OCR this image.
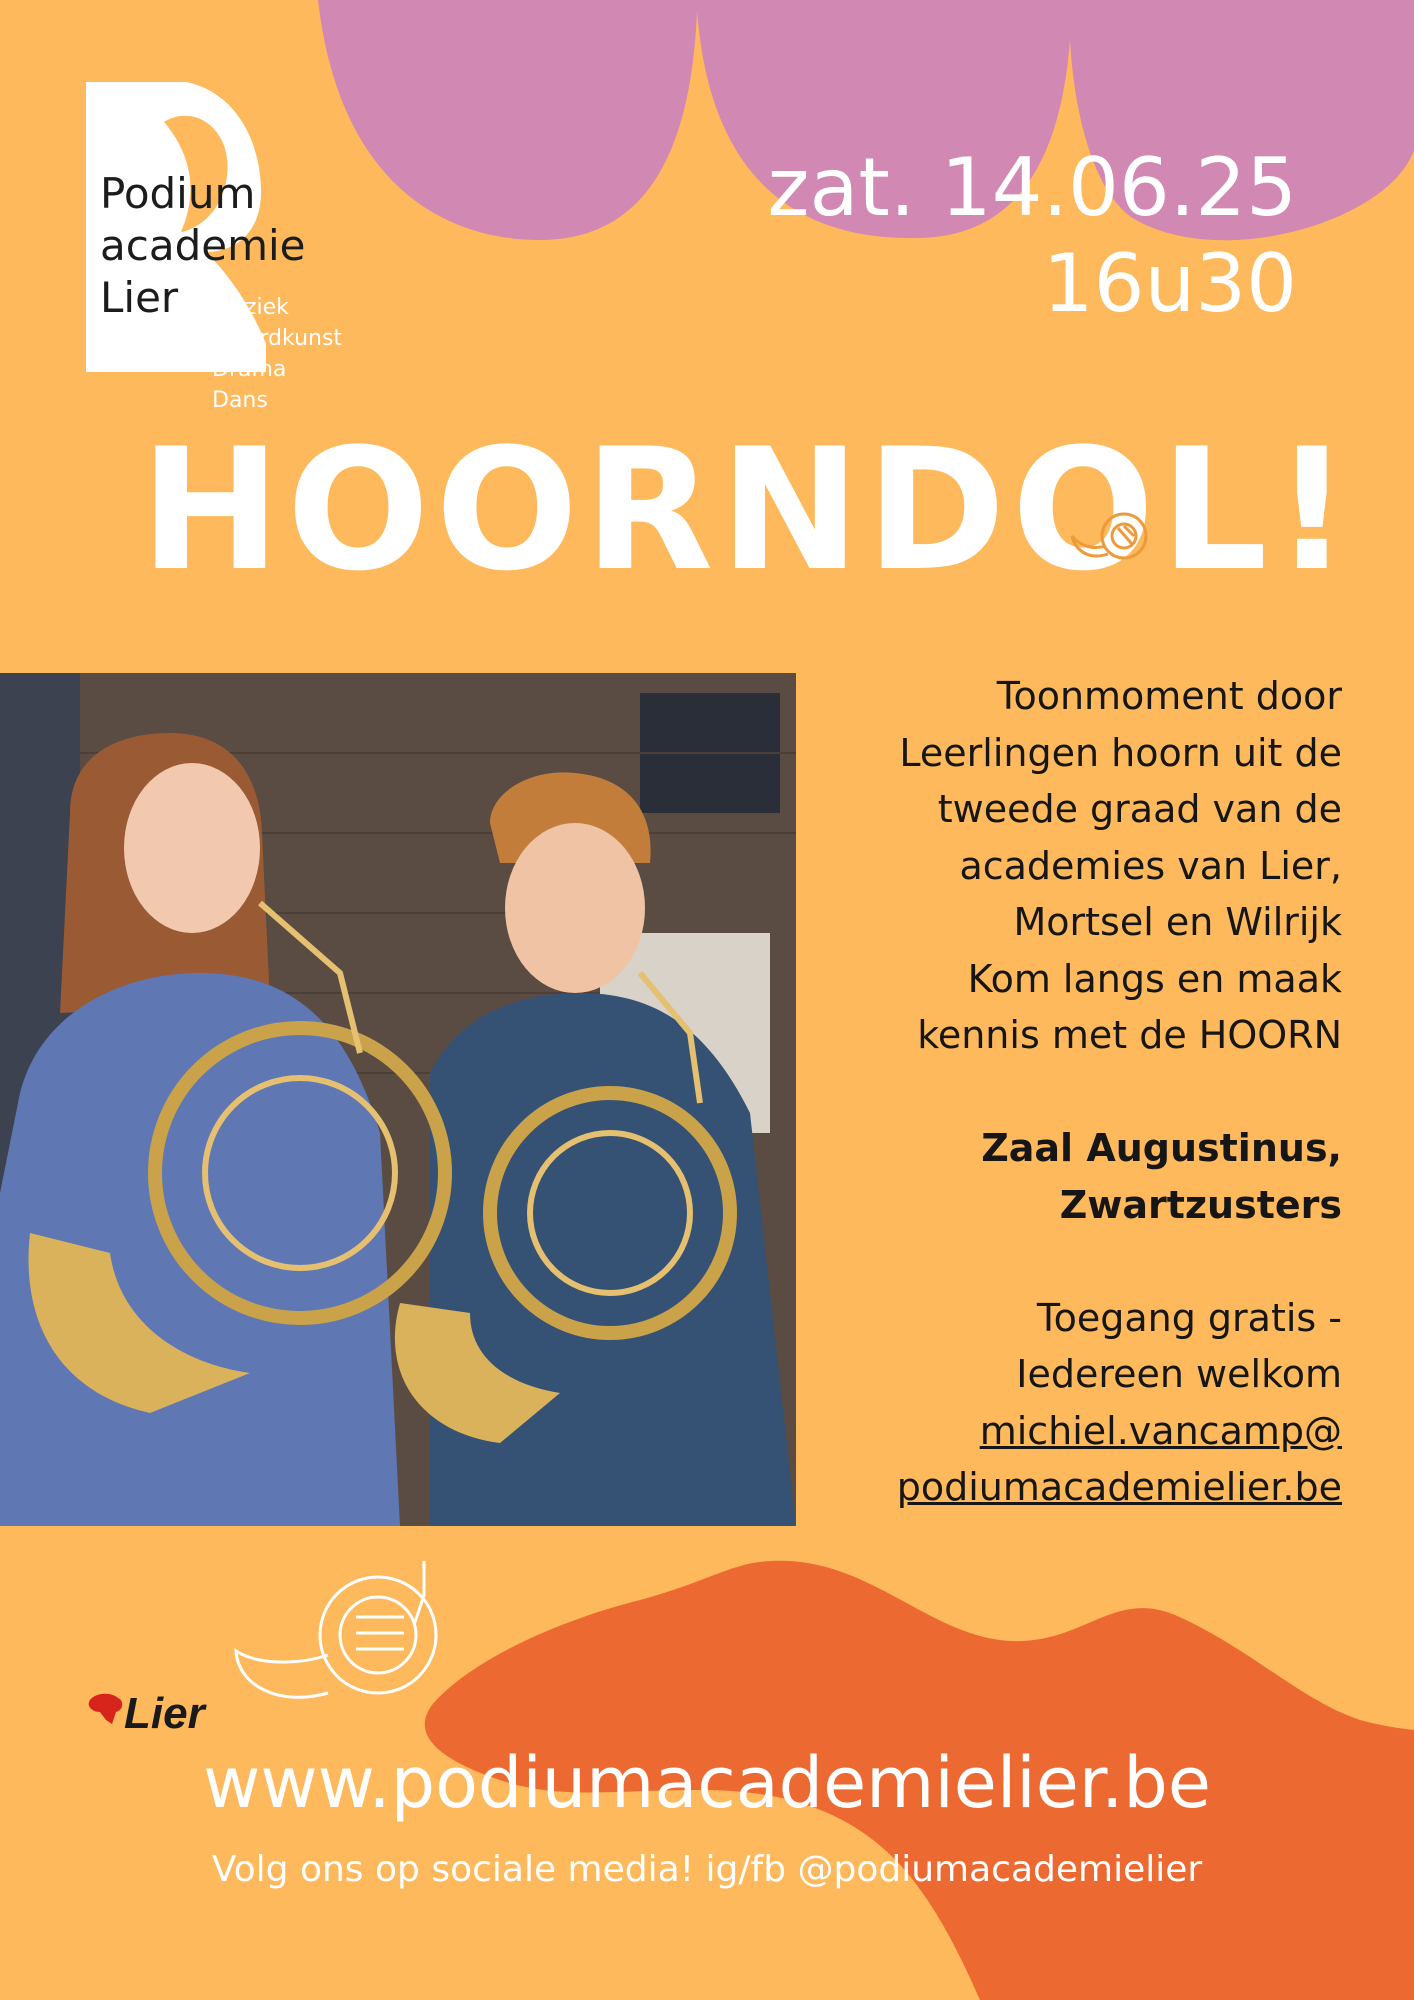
Podium
academie
Lier	Muziek
Woordkunst
Drama
Dans
zat. 14.06.25
16u30
HOORNDOL!
Toonmoment door
Leerlingen hoorn uit de
tweede graad van de
academies van Lier,
Mortsel en Wilrijk
Kom langs en maak
kennis met de HOORN
Zaal Augustinus,
Zwartzusters
Toegang gratis -
Iedereen welkom
michiel.vancamp@
podiumacademielier.be
Lier
www.podiumacademielier.be
Volg ons op sociale media! ig/fb @podiumacademielier
